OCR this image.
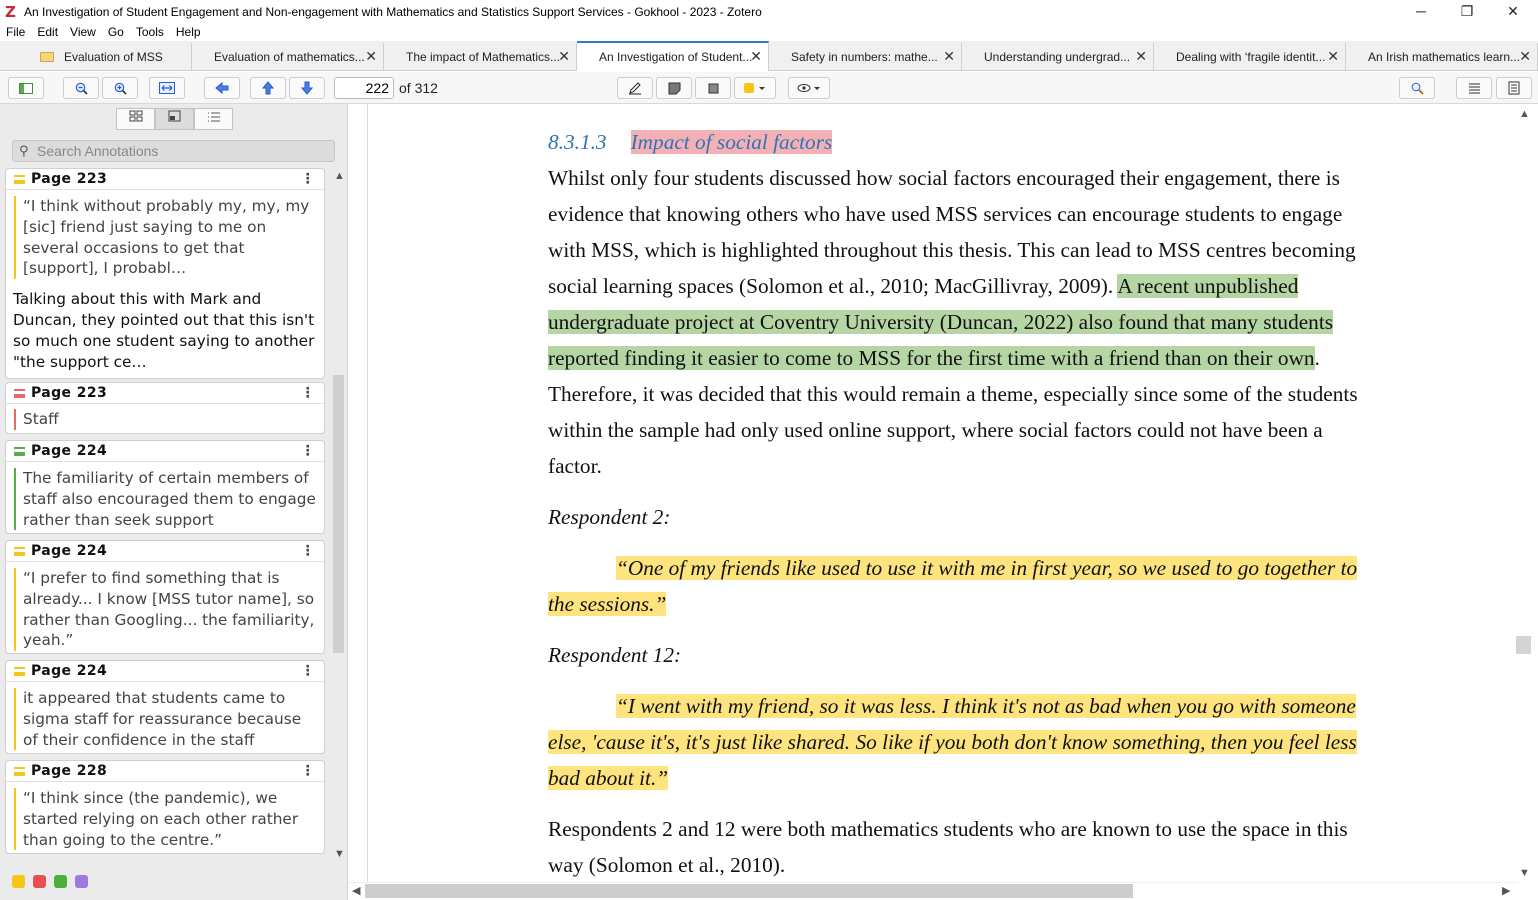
Z An Investigation of Student Engagement and Non-engagement with Mathematics and Statistics Support Services - Gokhool - 2023 - Zotero	─	❐	✕
File Edit View Go Tools Help
Evaluation of MSS	Evaluation of mathematics... ✕ The impact of Mathematics...
✕ An Investigation of Student...
✕ Safety in numbers: mathe... ✕ Understanding undergrad... ✕ Dealing with ‘fragile identit... ✕ An Irish mathematics learn... ✕
222 of 312
⚲ Search Annotations
Page 223	⋮
“I think without probably my, my, my [sic] friend just saying to me on several occasions to get that [support], I probabl…
Talking about this with Mark and Duncan, they pointed out that this isn't so much one student saying to another "the support ce…
Page 223	⋮
Staff
Page 224	⋮
The familiarity of certain members of staff also encouraged them to engage rather than seek support
Page 224	⋮
“I prefer to find something that is already... I know [MSS tutor name], so rather than Googling... the familiarity, yeah.”
Page 224	⋮
it appeared that students came to sigma staff for reassurance because of their confidence in the staff
Page 228	⋮
“I think since (the pandemic), we started relying on each other rather than going to the centre.”
▲
▼
8.3.1.3 Impact of social factors
Whilst only four students discussed how social factors encouraged their engagement, there is
evidence that knowing others who have used MSS services can encourage students to engage
with MSS, which is highlighted throughout this thesis. This can lead to MSS centres becoming
social learning spaces (Solomon et al., 2010; MacGillivray, 2009). A recent unpublished
undergraduate project at Coventry University (Duncan, 2022) also found that many students
reported finding it easier to come to MSS for the first time with a friend than on their own.
Therefore, it was decided that this would remain a theme, especially since some of the students
within the sample had only used online support, where social factors could not have been a
factor.
Respondent 2:
“One of my friends like used to use it with me in first year, so we used to go together to
the sessions.”
Respondent 12:
“I went with my friend, so it was less. I think it's not as bad when you go with someone
else, 'cause it's, it's just like shared. So like if you both don't know something, then you feel less
bad about it.”
Respondents 2 and 12 were both mathematics students who are known to use the space in this
way (Solomon et al., 2010).
▲
▼
◀	▶
